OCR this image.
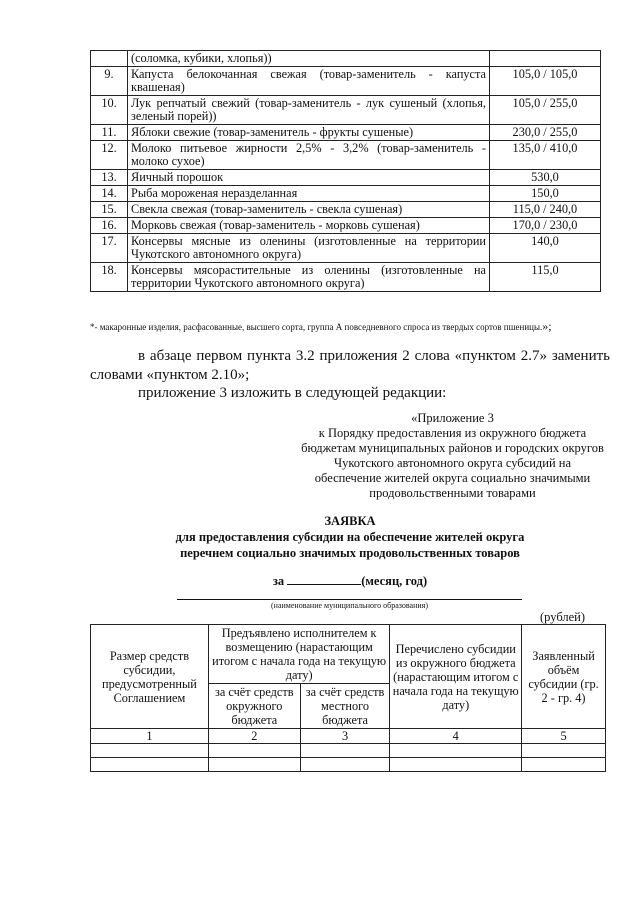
	(соломка, кубики, хлопья))	
9.	Капуста белокочанная свежая (товар-заменитель - капуста квашеная)	105,0 / 105,0
10.	Лук репчатый свежий (товар-заменитель - лук сушеный (хлопья, зеленый порей))	105,0 / 255,0
11.	Яблоки свежие (товар-заменитель - фрукты сушеные)	230,0 / 255,0
12.	Молоко питьевое жирности 2,5% - 3,2% (товар-заменитель - молоко сухое)	135,0 / 410,0
13.	Яичный порошок	530,0
14.	Рыба мороженая неразделанная	150,0
15.	Свекла свежая (товар-заменитель - свекла сушеная)	115,0 / 240,0
16.	Морковь свежая (товар-заменитель - морковь сушеная)	170,0 / 230,0
17.	Консервы мясные из оленины (изготовленные на территории Чукотского автономного округа)	140,0
18.	Консервы мясорастительные из оленины (изготовленные на территории Чукотского автономного округа)	115,0
*- макаронные изделия, расфасованные, высшего сорта, группа А повседневного спроса из твердых сортов пшеницы.»;
в абзаце первом пункта 3.2 приложения 2 слова «пунктом 2.7» заменить словами «пунктом 2.10»;
приложение 3 изложить в следующей редакции:
«Приложение 3
к Порядку предоставления из окружного бюджета бюджетам муниципальных районов и городских округов Чукотского автономного округа субсидий на обеспечение жителей округа социально значимыми продовольственными товарами
ЗАЯВКА
для предоставления субсидии на обеспечение жителей округа
перечнем социально значимых продовольственных товаров
за	(месяц, год)
(наименование муниципального образования)
(рублей)
Размер средств субсидии, предусмотренный Соглашением	Предъявлено исполнителем к возмещению (нарастающим итогом с начала года на текущую дату)		Перечислено субсидии из окружного бюджета (нарастающим итогом с начала года на текущую дату)	Заявленный объём субсидии (гр. 2 - гр. 4)
	за счёт средств окружного бюджета	за счёт средств местного бюджета		
1	2	3	4	5
